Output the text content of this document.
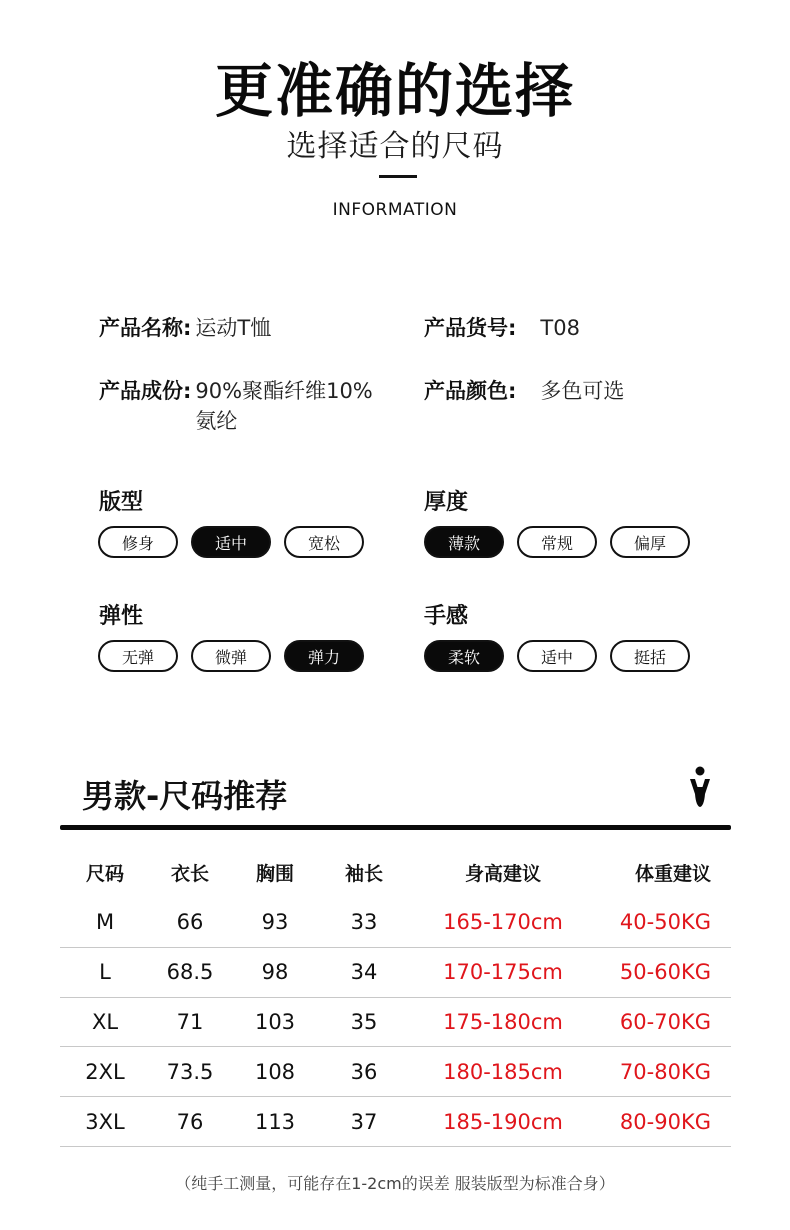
更准确的选择
选择适合的尺码
INFORMATION
产品名称: 运动T恤	产品货号: T08
产品成份: 90%聚酯纤维10%
氨纶
产品颜色: 多色可选
版型
修身	适中	宽松
厚度
薄款	常规	偏厚
弹性
无弹	微弹	弹力
手感
柔软	适中	挺括
男款-尺码推荐
尺码	衣长	胸围	袖长	身高建议	体重建议
M	66	93	33	165-170cm	40-50KG
L	68.5	98	34	170-175cm	50-60KG
XL	71	103	35	175-180cm	60-70KG
2XL	73.5	108	36	180-185cm	70-80KG
3XL	76	113	37	185-190cm	80-90KG
（纯手工测量，可能存在1-2cm的误差 服装版型为标准合身）
